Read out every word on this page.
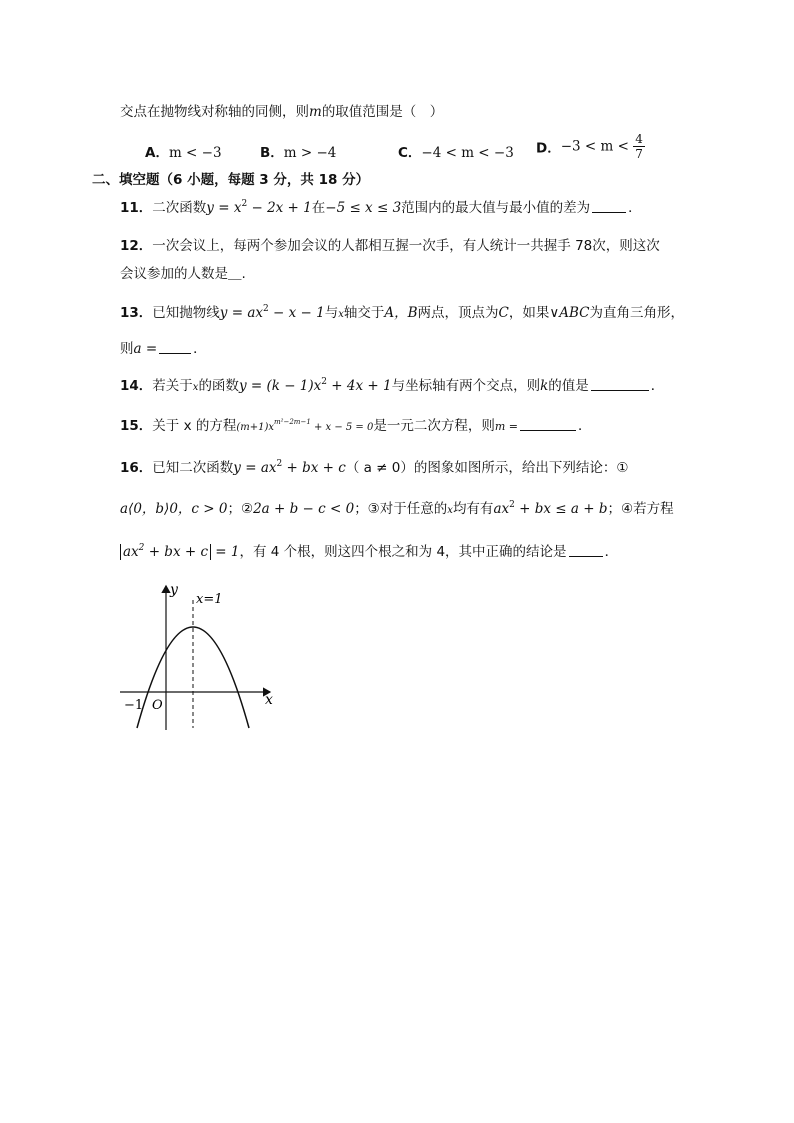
交点在抛物线对称轴的同侧，则m的取值范围是（　）
A．m < −3	B．m > −4	C．−4 < m < −3 D．$-3 < m < \frac{4}{7}$
二、填空题（6 小题，每题 3 分，共 18 分）
11．二次函数$y = x^2 - 2x + 1$在−5 ≤ x ≤ 3范围内的最大值与最小值的差为	．
12．一次会议上，每两个参加会议的人都相互握一次手，有人统计一共握手 78次，则这次
会议参加的人数是＿.
13．已知抛物线$y = ax^2 - x - 1$与x轴交于A，B两点，顶点为C，如果∨ABC为直角三角形，
则a =	．
14．若关于x的函数$y = (k - 1)x^2 + 4x + 1$与坐标轴有两个交点，则k的值是	．
15．关于 x 的方程$(m+1)x^{m^2-2m-1} + x - 5 = 0$是一元二次方程，则m =	．
16．已知二次函数$y = ax^2$ + bx + c（ a ≠ 0）的图象如图所示，给出下列结论：①
a⟨0，b⟩0，c > 0；②2a + b − c < 0；③对于任意的x均有有$ax^2$ + bx ≤ a + b；④若方程
$ax^2$ + bx + c = 1，有 4 个根，则这四个根之和为 4，其中正确的结论是	．
y
x
x=1
O
−1
